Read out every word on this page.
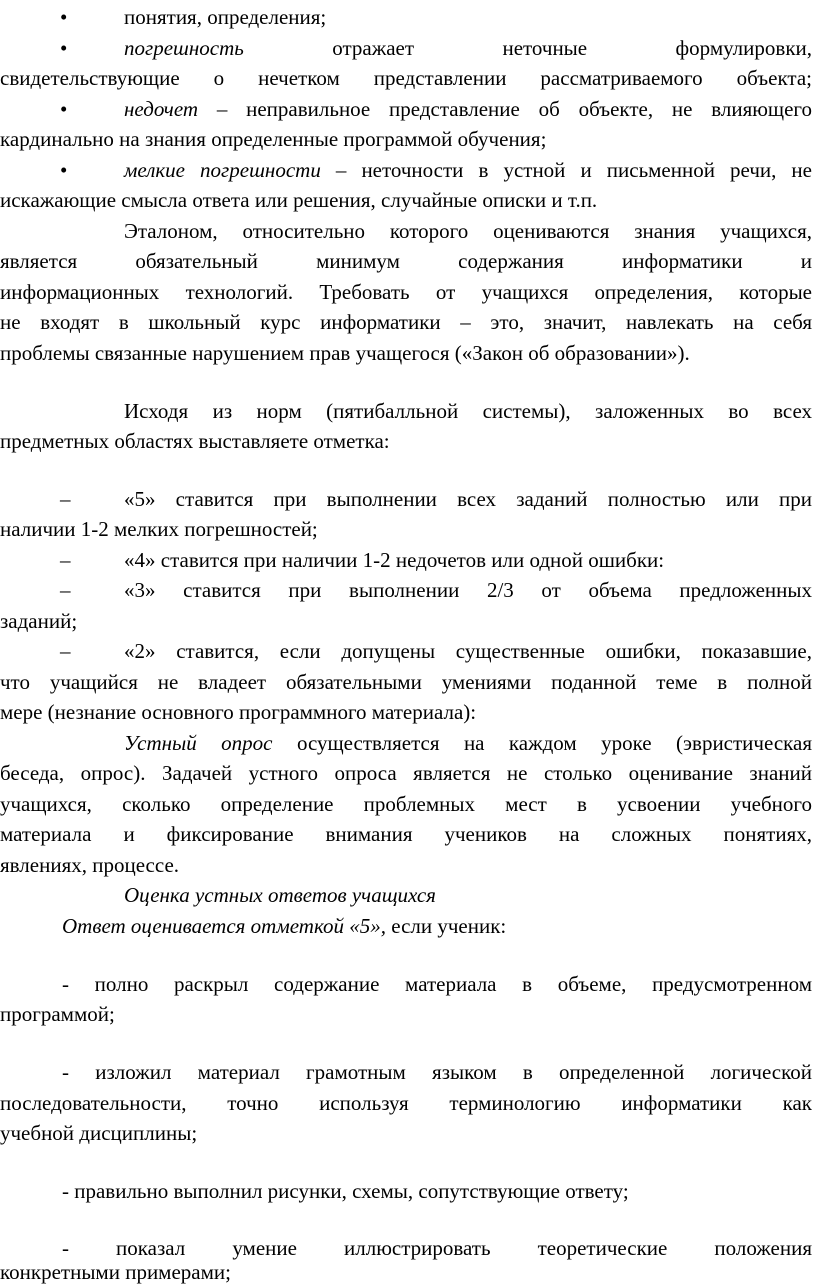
•	понятия, определения;
•	погрешность	отражает неточные формулировки,
свидетельствующие о нечетком представлении рассматриваемого объекта;
•	недочет – неправильное представление об объекте, не влияющего
кардинально на знания определенные программой обучения;
•	мелкие погрешности – неточности в устной и письменной речи, не
искажающие смысла ответа или решения, случайные описки и т.п.
Эталоном, относительно которого оцениваются знания учащихся,
является обязательный минимум содержания информатики и
информационных технологий. Требовать от учащихся определения, которые
не входят в школьный курс информатики – это, значит, навлекать на себя
проблемы связанные нарушением прав учащегося («Закон об образовании»).
Исходя из норм (пятибалльной системы), заложенных во всех
предметных областях выставляете отметка:
–	«5» ставится при выполнении всех заданий полностью или при
наличии 1-2 мелких погрешностей;
–	«4» ставится при наличии 1-2 недочетов или одной ошибки:
–	«3» ставится при выполнении 2/3 от объема предложенных
заданий;
–	«2» ставится, если допущены существенные ошибки, показавшие,
что учащийся не владеет обязательными умениями поданной теме в полной
мере (незнание основного программного материала):
Устный опрос осуществляется на каждом уроке (эвристическая
беседа, опрос). Задачей устного опроса является не столько оценивание знаний
учащихся, сколько определение проблемных мест в усвоении учебного
материала и фиксирование внимания учеников на сложных понятиях,
явлениях, процессе.
Оценка устных ответов учащихся
Ответ оценивается отметкой «5», если ученик:
- полно раскрыл содержание материала в объеме, предусмотренном
программой;
- изложил материал грамотным языком в определенной логической
последовательности, точно используя терминологию информатики как
учебной дисциплины;
- правильно выполнил рисунки, схемы, сопутствующие ответу;
- показал умение иллюстрировать теоретические положения
конкретными примерами;
